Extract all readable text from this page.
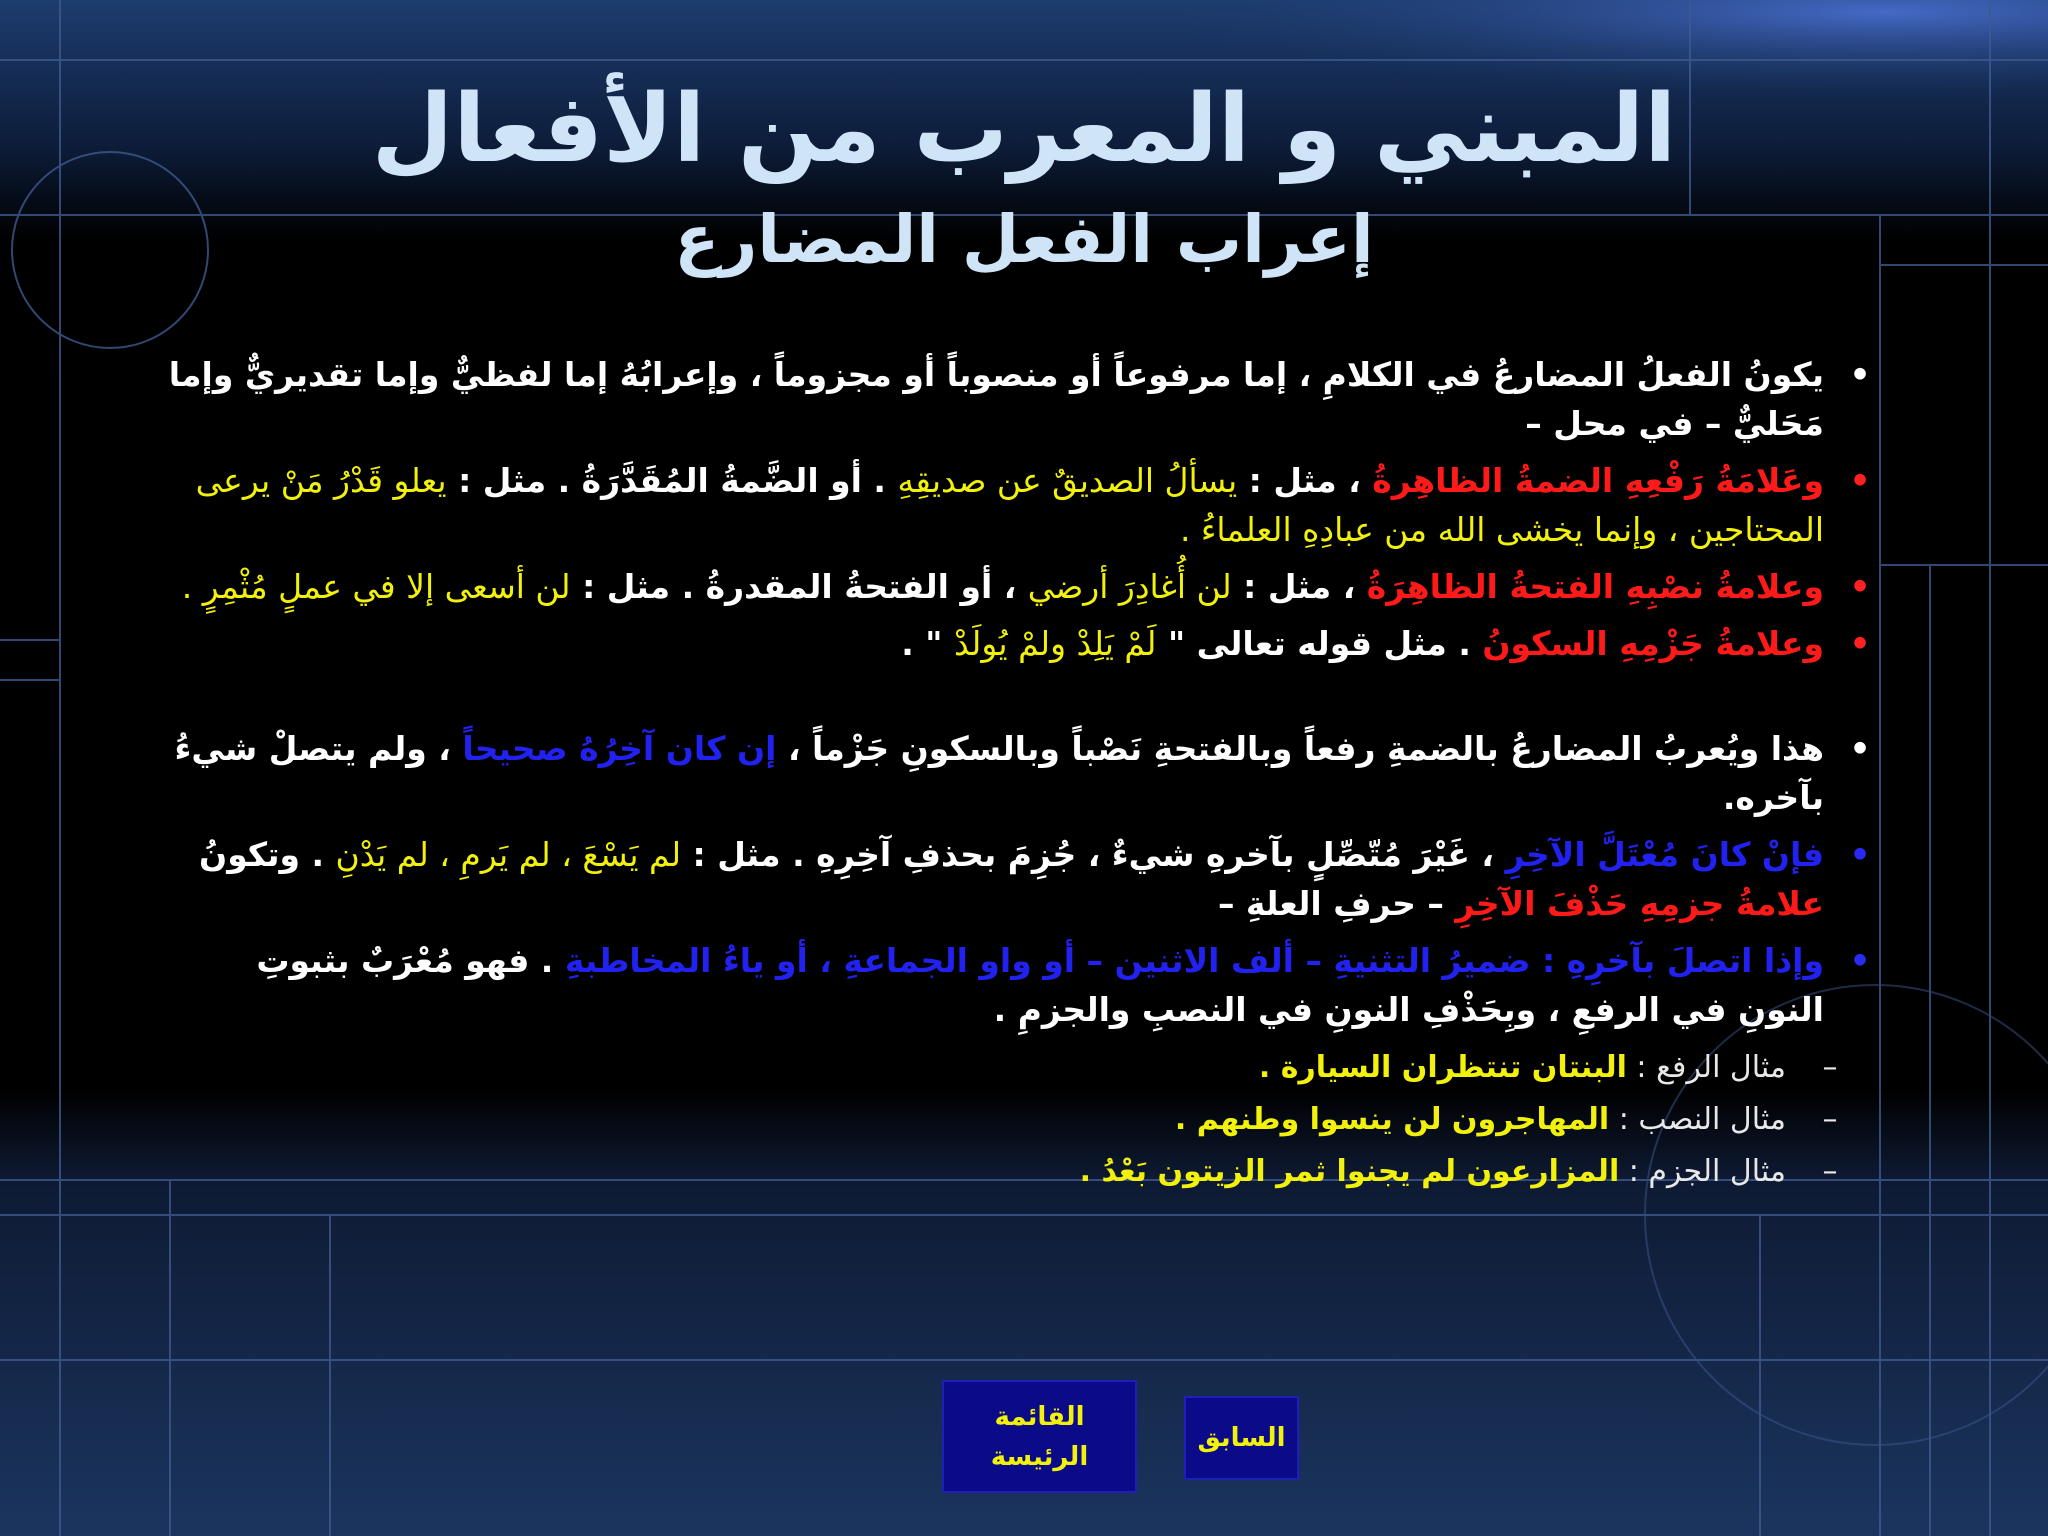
المبني و المعرب من الأفعال
إعراب الفعل المضارع
•
يكونُ الفعلُ المضارعُ في الكلامِ ، إما مرفوعاً أو منصوباً أو مجزوماً ، وإعرابُهُ إما لفظيٌّ وإما تقديريٌّ وإما مَحَليٌّ – في محل –
•
وعَلامَةُ رَفْعِهِ الضمةُ الظاهِرةُ ، مثل : يسألُ الصديقٌ عن صديقِهِ . أو الضَّمةُ المُقَدَّرَةُ . مثل : يعلو قَدْرُ مَنْ يرعى المحتاجين ، وإنما يخشى الله من عبادِهِ العلماءُ .
•
وعلامةُ نصْبِهِ الفتحةُ الظاهِرَةُ ، مثل : لن أُغادِرَ أرضي ، أو الفتحةُ المقدرةُ . مثل : لن أسعى إلا في عملٍ مُثْمِرٍ .
•
وعلامةُ جَزْمِهِ السكونُ . مثل قوله تعالى " لَمْ يَلِدْ ولمْ يُولَدْ " .
•
هذا ويُعربُ المضارعُ بالضمةِ رفعاً وبالفتحةِ نَصْباً وبالسكونِ جَزْماً ، إن كان آخِرُهُ صحيحاً ، ولم يتصلْ شيءُ بآخره.
•
فإنْ كانَ مُعْتَلَّ الآخِرِ ، غَيْرَ مُتّصِّلٍ بآخرهِ شيءٌ ، جُزِمَ بحذفِ آخِرِهِ . مثل : لم يَسْعَ ، لم يَرمِ ، لم يَدْنِ . وتكونُ علامةُ جزمِهِ حَذْفَ الآخِرِ – حرفِ العلةِ –
•
وإذا اتصلَ بآخرِهِ : ضميرُ التثنيةِ – ألف الاثنين – أو واو الجماعةِ ، أو ياءُ المخاطبةِ . فهو مُعْرَبٌ بثبوتِ النونِ في الرفعِ ، وبِحَذْفِ النونِ في النصبِ والجزمِ .
–
مثال الرفع : البنتان تنتظران السيارة .
–
مثال النصب : المهاجرون لن ينسوا وطنهم .
–
مثال الجزم : المزارعون لم يجنوا ثمر الزيتون بَعْدُ .
القائمة
الرئيسة
السابق
